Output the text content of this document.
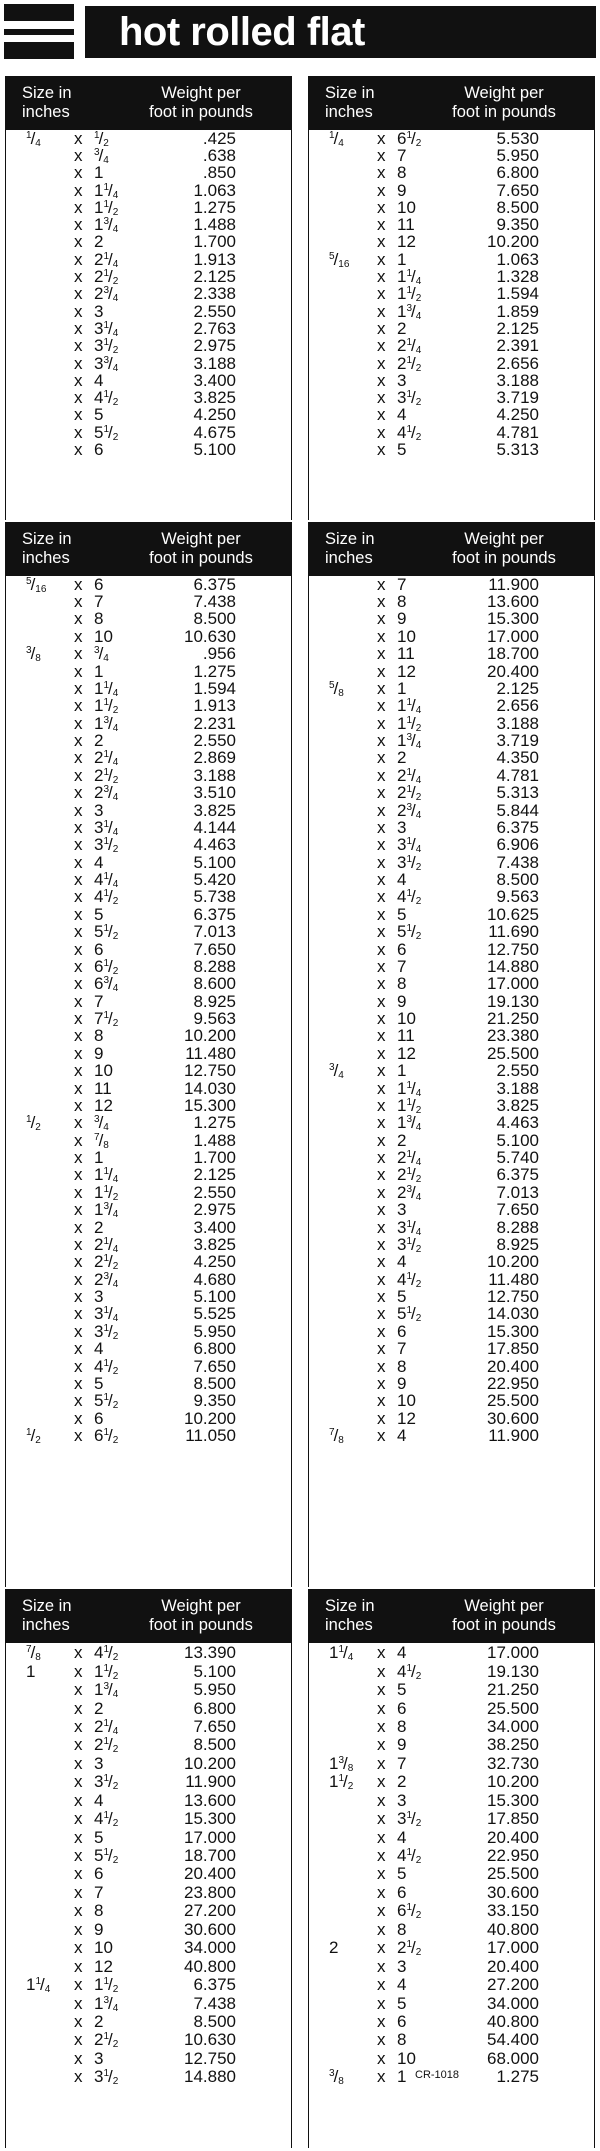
hot rolled flat
Size in
inches
Weight per
foot in pounds
$^1$/4	x	$^1$/2	.425
x	$^3$/4	.638
x 1	.850
x $1^1/4$	1.063
x $1^1/2$	1.275
x $1^3/4$	1.488
x 2	1.700
x $2^1/4$	1.913
x $2^1/2$	2.125
x $2^3/4$	2.338
x 3	2.550
x $3^1/4$	2.763
x $3^1/2$	2.975
x $3^3/4$	3.188
x 4	3.400
x $4^1/2$	3.825
x 5	4.250
x $5^1/2$	4.675
x 6	5.100
Size in
inches
Weight per
foot in pounds
$^1$/4	x $6^1/2$	5.530
x 7	5.950
x 8	6.800
x 9	7.650
x 10	8.500
x 11	9.350
x 12	10.200
$^5$/16	x 1	1.063
x $1^1/4$	1.328
x $1^1/2$	1.594
x $1^3/4$	1.859
x 2	2.125
x $2^1/4$	2.391
x $2^1/2$	2.656
x 3	3.188
x $3^1/2$	3.719
x 4	4.250
x $4^1/2$	4.781
x 5	5.313
Size in
inches
Weight per
foot in pounds
$^5$/16	x 6	6.375
x 7	7.438
x 8	8.500
x 10	10.630
$^3$/8	x	$^3$/4	.956
x 1	1.275
x $1^1/4$	1.594
x $1^1/2$	1.913
x $1^3/4$	2.231
x 2	2.550
x $2^1/4$	2.869
x $2^1/2$	3.188
x $2^3/4$	3.510
x 3	3.825
x $3^1/4$	4.144
x $3^1/2$	4.463
x 4	5.100
x $4^1/4$	5.420
x $4^1/2$	5.738
x 5	6.375
x $5^1/2$	7.013
x 6	7.650
x $6^1/2$	8.288
x $6^3/4$	8.600
x 7	8.925
x $7^1/2$	9.563
x 8	10.200
x 9	11.480
x 10	12.750
x 11	14.030
x 12	15.300
$^1$/2	x	$^3$/4	1.275
x	$^7$/8	1.488
x 1	1.700
x $1^1/4$	2.125
x $1^1/2$	2.550
x $1^3/4$	2.975
x 2	3.400
x $2^1/4$	3.825
x $2^1/2$	4.250
x $2^3/4$	4.680
x 3	5.100
x $3^1/4$	5.525
x $3^1/2$	5.950
x 4	6.800
x $4^1/2$	7.650
x 5	8.500
x $5^1/2$	9.350
x 6	10.200
$^1$/2	x $6^1/2$	11.050
Size in
inches
Weight per
foot in pounds
x 7	11.900
x 8	13.600
x 9	15.300
x 10	17.000
x 11	18.700
x 12	20.400
$^5$/8	x 1	2.125
x $1^1/4$	2.656
x $1^1/2$	3.188
x $1^3/4$	3.719
x 2	4.350
x $2^1/4$	4.781
x $2^1/2$	5.313
x $2^3/4$	5.844
x 3	6.375
x $3^1/4$	6.906
x $3^1/2$	7.438
x 4	8.500
x $4^1/2$	9.563
x 5	10.625
x $5^1/2$	11.690
x 6	12.750
x 7	14.880
x 8	17.000
x 9	19.130
x 10	21.250
x 11	23.380
x 12	25.500
$^3$/4	x 1	2.550
x $1^1/4$	3.188
x $1^1/2$	3.825
x $1^3/4$	4.463
x 2	5.100
x $2^1/4$	5.740
x $2^1/2$	6.375
x $2^3/4$	7.013
x 3	7.650
x $3^1/4$	8.288
x $3^1/2$	8.925
x 4	10.200
x $4^1/2$	11.480
x 5	12.750
x $5^1/2$	14.030
x 6	15.300
x 7	17.850
x 8	20.400
x 9	22.950
x 10	25.500
x 12	30.600
$^7$/8	x 4	11.900
Size in
inches
Weight per
foot in pounds
$^7$/8	x $4^1/2$	13.390
1	x $1^1/2$	5.100
x $1^3/4$	5.950
x 2	6.800
x $2^1/4$	7.650
x $2^1/2$	8.500
x 3	10.200
x $3^1/2$	11.900
x 4	13.600
x $4^1/2$	15.300
x 5	17.000
x $5^1/2$	18.700
x 6	20.400
x 7	23.800
x 8	27.200
x 9	30.600
x 10	34.000
x 12	40.800
$1^1/4$	x $1^1/2$	6.375
x $1^3/4$	7.438
x 2	8.500
x $2^1/2$	10.630
x 3	12.750
x $3^1/2$	14.880
Size in
inches
Weight per
foot in pounds
$1^1/4$	x 4	17.000
x $4^1/2$	19.130
x 5	21.250
x 6	25.500
x 8	34.000
x 9	38.250
$1^3/8$	x 7	32.730
$1^1/2$	x 2	10.200
x 3	15.300
x $3^1/2$	17.850
x 4	20.400
x $4^1/2$	22.950
x 5	25.500
x 6	30.600
x $6^1/2$	33.150
x 8	40.800
2	x $2^1/2$	17.000
x 3	20.400
x 4	27.200
x 5	34.000
x 6	40.800
x 8	54.400
x 10	68.000
$^3$/8	x 1	1.275
CR-1018
